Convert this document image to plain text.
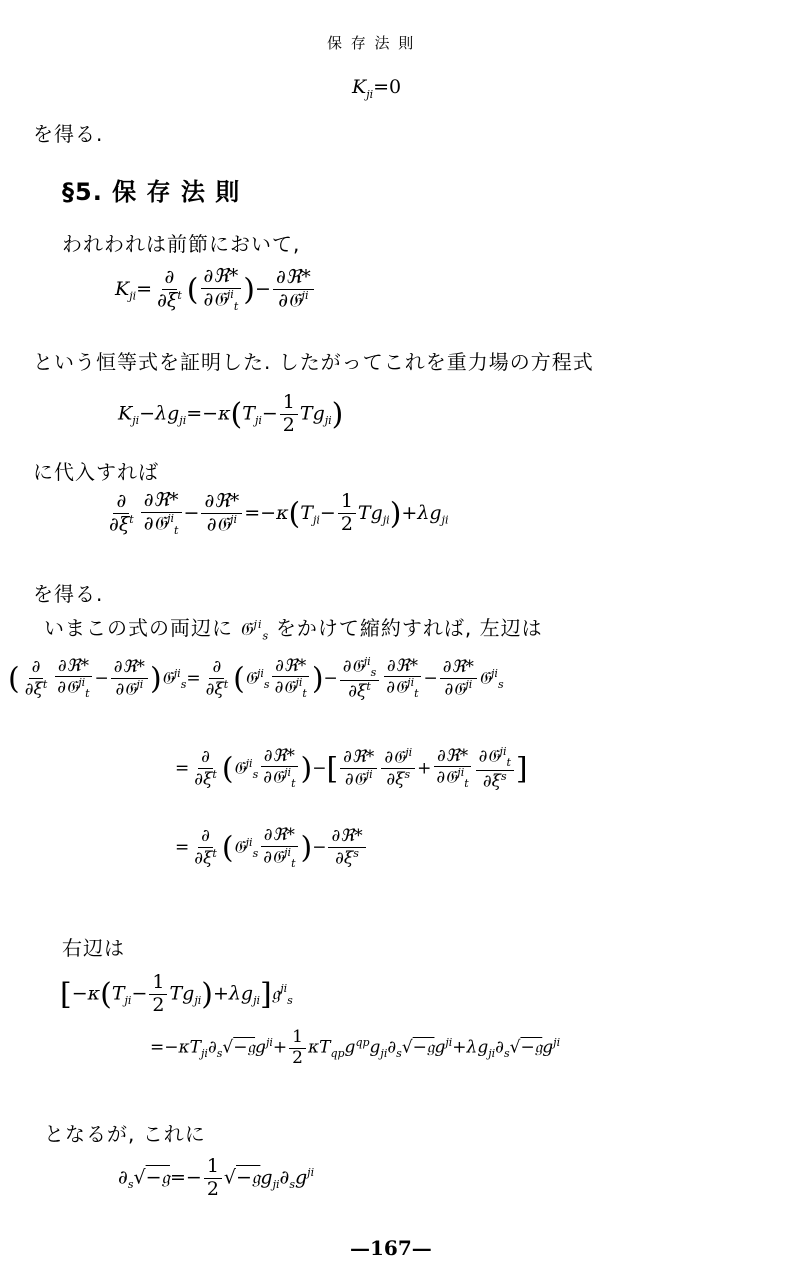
保 存 法 則
$K_{ji}=0$
を得る.
§5. 保 存 法 則
われわれは前節において,
$K_{ji}= \frac{\partial}{\partial\xi^t}$ ( $\frac{\text{∂ℜ*}}{\partial 𝔊^{ji}_t}$ )− $\frac{\text{∂ℜ*}}{\partial 𝔊^{ji}}$
という恒等式を証明した. したがってこれを重力場の方程式
$K_{ji}-\lambda g_{ji}=-\kappa(T_{ji}- \frac{1}{2} Tg_{ji})$
に代入すれば
$\frac{\partial}{\partial\xi^t} \frac{\text{∂ℜ*}}{\partial 𝔊^{ji}_t} - \frac{\text{∂ℜ*}}{\partial 𝔊^{ji}} =-\kappa(T_{ji}- \frac{1}{2} Tg_{ji})+\lambda g_{ji}$
を得る.
いまこの式の両辺に 𝔊$^{ji}_s$ をかけて縮約すれば, 左辺は
( $\frac{\partial}{\partial\xi^t} \frac{\text{∂ℜ*}}{\partial 𝔊^{ji}_t} - \frac{\text{∂ℜ*}}{\partial 𝔊^{ji}}$ )𝔊$^{ji}_s$= $\frac{\partial}{\partial\xi^t}$ (𝔊$^{ji}_s$ $\frac{\text{∂ℜ*}}{\partial 𝔊^{ji}_t}$ )− $\frac{\partial 𝔊^{ji}_s}{\partial\xi^t} \frac{\text{∂ℜ*}}{\partial 𝔊^{ji}_t} - \frac{\text{∂ℜ*}}{\partial 𝔊^{ji}}$ 𝔊$^{ji}_s$
= $\frac{\partial}{\partial\xi^t}$ (𝔊$^{ji}_s$ $\frac{\text{∂ℜ*}}{\partial 𝔊^{ji}_t}$ )−[ $\frac{\text{∂ℜ*}}{\partial 𝔊^{ji}} \frac{\partial 𝔊^{ji}}{\partial\xi^s} + \frac{\text{∂ℜ*}}{\partial 𝔊^{ji}_t} \frac{\partial 𝔊^{ji}_t}{\partial\xi^s}$ ]
= $\frac{\partial}{\partial\xi^t}$ (𝔊$^{ji}_s$ $\frac{\text{∂ℜ*}}{\partial 𝔊^{ji}_t}$ )− $\frac{\text{∂ℜ*}}{\partial\xi^s}$
右辺は
[$-\kappa(T_{ji}- \frac{1}{2}$ $Tg_{ji})+\lambda g_{ji}]𝔤^{ji}_s$
$=-\kappa T_{ji}\partial_s√-𝔤g^{ji}+ \frac{1}{2}$ $\kappa T_{qp}g^{qp}g_{ji}\partial_s√-𝔤g^{ji}+\lambda g_{ji}\partial_s√-𝔤g^{ji}$
となるが, これに
$\partial_s√-𝔤=- \frac{1}{2}$ $√-𝔤g_{ji}\partial_sg^{ji}$
—167—
